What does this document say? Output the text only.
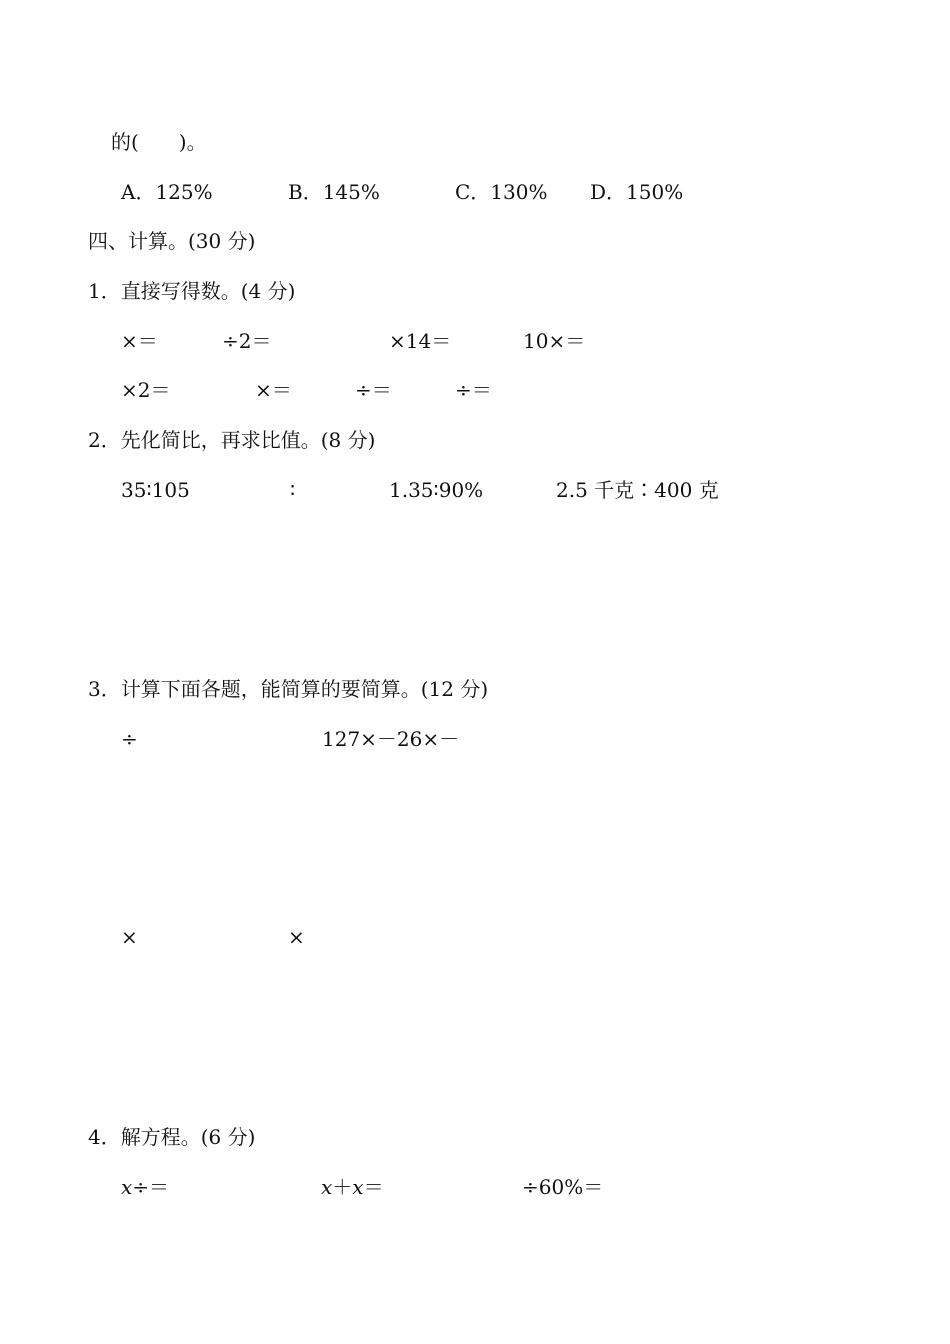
的(　　)。
A．125%	B．145%	C．130% D．150%
四、计算。(30 分)
1．直接写得数。(4 分)
×＝	÷2＝	×14＝	10×＝
×2＝	×＝	÷＝	÷＝
2．先化简比，再求比值。(8 分)
35∶105	∶	1.35∶90%	2.5 千克∶400 克
3．计算下面各题，能简算的要简算。(12 分)
÷	127×－26×－
×	×
4．解方程。(6 分)
x÷＝	x＋x＝	÷60%＝
